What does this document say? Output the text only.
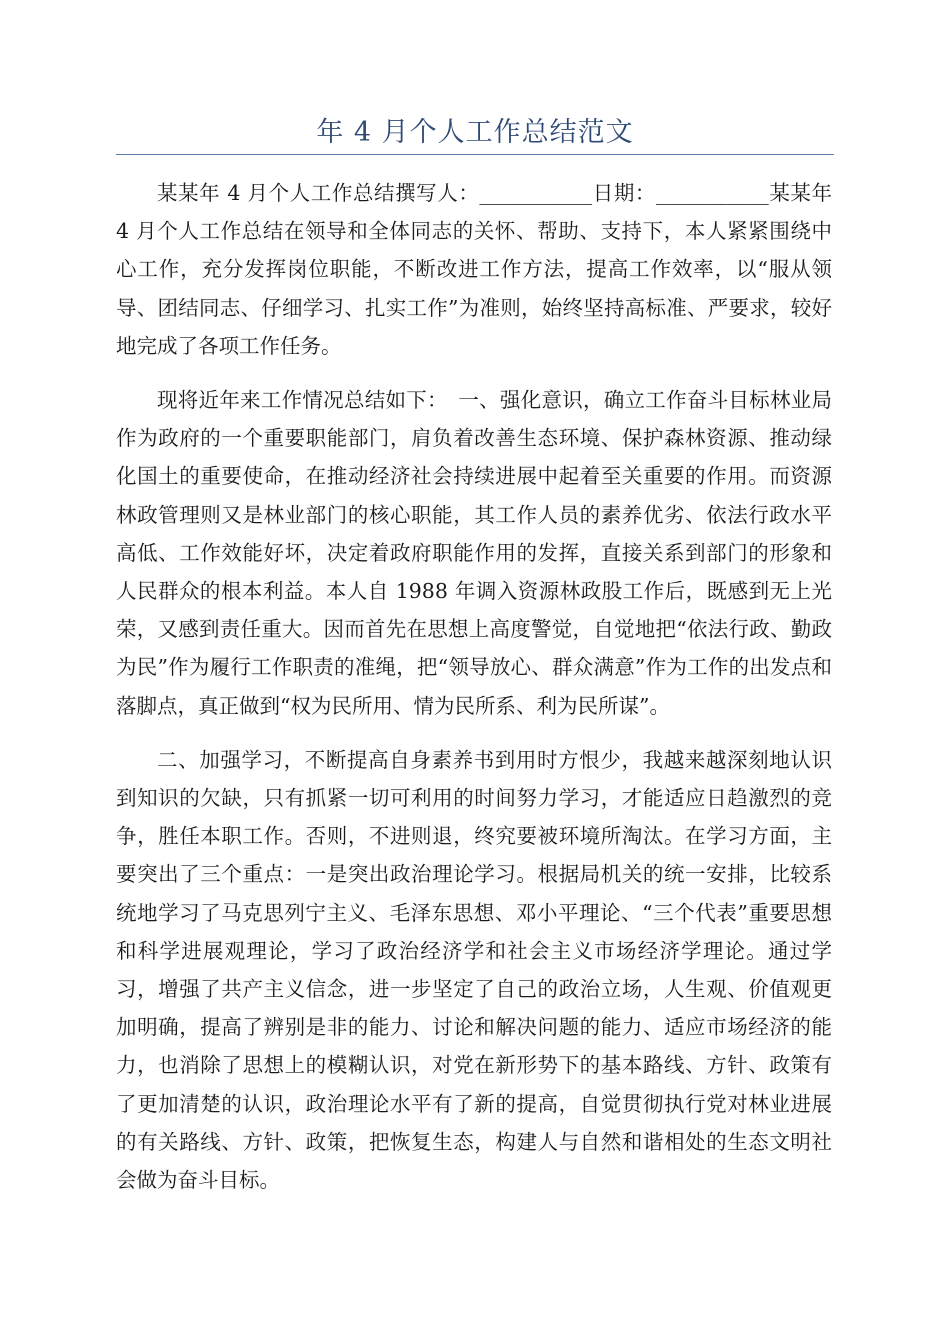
年 4 月个人工作总结范文

某某年 4 月个人工作总结撰写人：___________日期：___________某某年 4 月个人工作总结在领导和全体同志的关怀、帮助、支持下，本人紧紧围绕中心工作，充分发挥岗位职能，不断改进工作方法，提高工作效率，以“服从领导、团结同志、仔细学习、扎实工作”为准则，始终坚持高标准、严要求，较好地完成了各项工作任务。

现将近年来工作情况总结如下：　一、强化意识，确立工作奋斗目标林业局作为政府的一个重要职能部门，肩负着改善生态环境、保护森林资源、推动绿化国土的重要使命，在推动经济社会持续进展中起着至关重要的作用。而资源林政管理则又是林业部门的核心职能，其工作人员的素养优劣、依法行政水平高低、工作效能好坏，决定着政府职能作用的发挥，直接关系到部门的形象和人民群众的根本利益。本人自 1988 年调入资源林政股工作后，既感到无上光荣，又感到责任重大。因而首先在思想上高度警觉，自觉地把“依法行政、勤政为民”作为履行工作职责的准绳，把“领导放心、群众满意”作为工作的出发点和落脚点，真正做到“权为民所用、情为民所系、利为民所谋”。

二、加强学习，不断提高自身素养书到用时方恨少，我越来越深刻地认识到知识的欠缺，只有抓紧一切可利用的时间努力学习，才能适应日趋激烈的竞争，胜任本职工作。否则，不进则退，终究要被环境所淘汰。在学习方面，主要突出了三个重点：一是突出政治理论学习。根据局机关的统一安排，比较系统地学习了马克思列宁主义、毛泽东思想、邓小平理论、“三个代表”重要思想和科学进展观理论，学习了政治经济学和社会主义市场经济学理论。通过学习，增强了共产主义信念，进一步坚定了自己的政治立场，人生观、价值观更加明确，提高了辨别是非的能力、讨论和解决问题的能力、适应市场经济的能力，也消除了思想上的模糊认识，对党在新形势下的基本路线、方针、政策有了更加清楚的认识，政治理论水平有了新的提高，自觉贯彻执行党对林业进展的有关路线、方针、政策，把恢复生态，构建人与自然和谐相处的生态文明社会做为奋斗目标。
